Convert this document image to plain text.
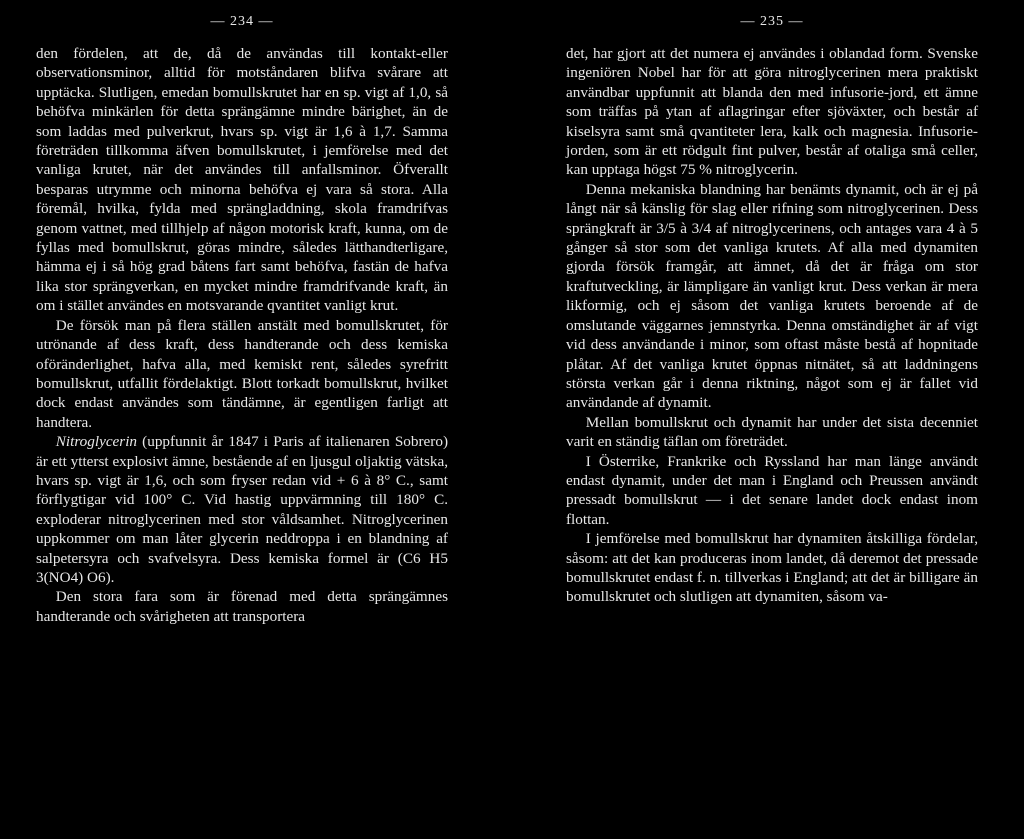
— 234 —

den fördelen, att de, då de användas till kontakt-eller observationsminor, alltid för motståndaren blifva svårare att upptäcka. Slutligen, emedan bomullskrutet har en sp. vigt af 1,0, så behöfva minkärlen för detta sprängämne mindre bärighet, än de som laddas med pulverkrut, hvars sp. vigt är 1,6 à 1,7. Samma företräden tillkomma äfven bomullskrutet, i jemförelse med det vanliga krutet, när det användes till anfallsminor. Öfverallt besparas utrymme och minorna behöfva ej vara så stora. Alla föremål, hvilka, fylda med sprängladdning, skola framdrifvas genom vattnet, med tillhjelp af någon motorisk kraft, kunna, om de fyllas med bomullskrut, göras mindre, således lätthandterligare, hämma ej i så hög grad båtens fart samt behöfva, fastän de hafva lika stor sprängverkan, en mycket mindre framdrifvande kraft, än om i stället användes en motsvarande qvantitet vanligt krut.

De försök man på flera ställen anstält med bomullskrutet, för utrönande af dess kraft, dess handterande och dess kemiska oföränderlighet, hafva alla, med kemiskt rent, således syrefritt bomullskrut, utfallit fördelaktigt. Blott torkadt bomullskrut, hvilket dock endast användes som tändämne, är egentligen farligt att handtera.

Nitroglycerin (uppfunnit år 1847 i Paris af italienaren Sobrero) är ett ytterst explosivt ämne, bestående af en ljusgul oljaktig vätska, hvars sp. vigt är 1,6, och som fryser redan vid + 6 à 8° C., samt förflygtigar vid 100° C. Vid hastig uppvärmning till 180° C. exploderar nitroglycerinen med stor våldsamhet. Nitroglycerinen uppkommer om man låter glycerin neddroppa i en blandning af salpetersyra och svafvelsyra. Dess kemiska formel är (C6 H5 3(NO4) O6).

Den stora fara som är förenad med detta sprängämnes handterande och svårigheten att transportera

— 235 —

det, har gjort att det numera ej användes i oblandad form. Svenske ingeniören Nobel har för att göra nitroglycerinen mera praktiskt användbar uppfunnit att blanda den med infusorie-jord, ett ämne som träffas på ytan af aflagringar efter sjöväxter, och består af kiselsyra samt små qvantiteter lera, kalk och magnesia. Infusorie-jorden, som är ett rödgult fint pulver, består af otaliga små celler, kan upptaga högst 75 % nitroglycerin.

Denna mekaniska blandning har benämts dynamit, och är ej på långt när så känslig för slag eller rifning som nitroglycerinen. Dess sprängkraft är 3/5 à 3/4 af nitroglycerinens, och antages vara 4 à 5 gånger så stor som det vanliga krutets. Af alla med dynamiten gjorda försök framgår, att ämnet, då det är fråga om stor kraftutveckling, är lämpligare än vanligt krut. Dess verkan är mera likformig, och ej såsom det vanliga krutets beroende af de omslutande väggarnes jemnstyrka. Denna omständighet är af vigt vid dess användande i minor, som oftast måste bestå af hopnitade plåtar. Af det vanliga krutet öppnas nitnätet, så att laddningens största verkan går i denna riktning, något som ej är fallet vid användande af dynamit.

Mellan bomullskrut och dynamit har under det sista decenniet varit en ständig täflan om företrädet.

I Österrike, Frankrike och Ryssland har man länge användt endast dynamit, under det man i England och Preussen användt pressadt bomullskrut — i det senare landet dock endast inom flottan.

I jemförelse med bomullskrut har dynamiten åtskilliga fördelar, såsom: att det kan produceras inom landet, då deremot det pressade bomullskrutet endast f. n. tillverkas i England; att det är billigare än bomullskrutet och slutligen att dynamiten, såsom va-
